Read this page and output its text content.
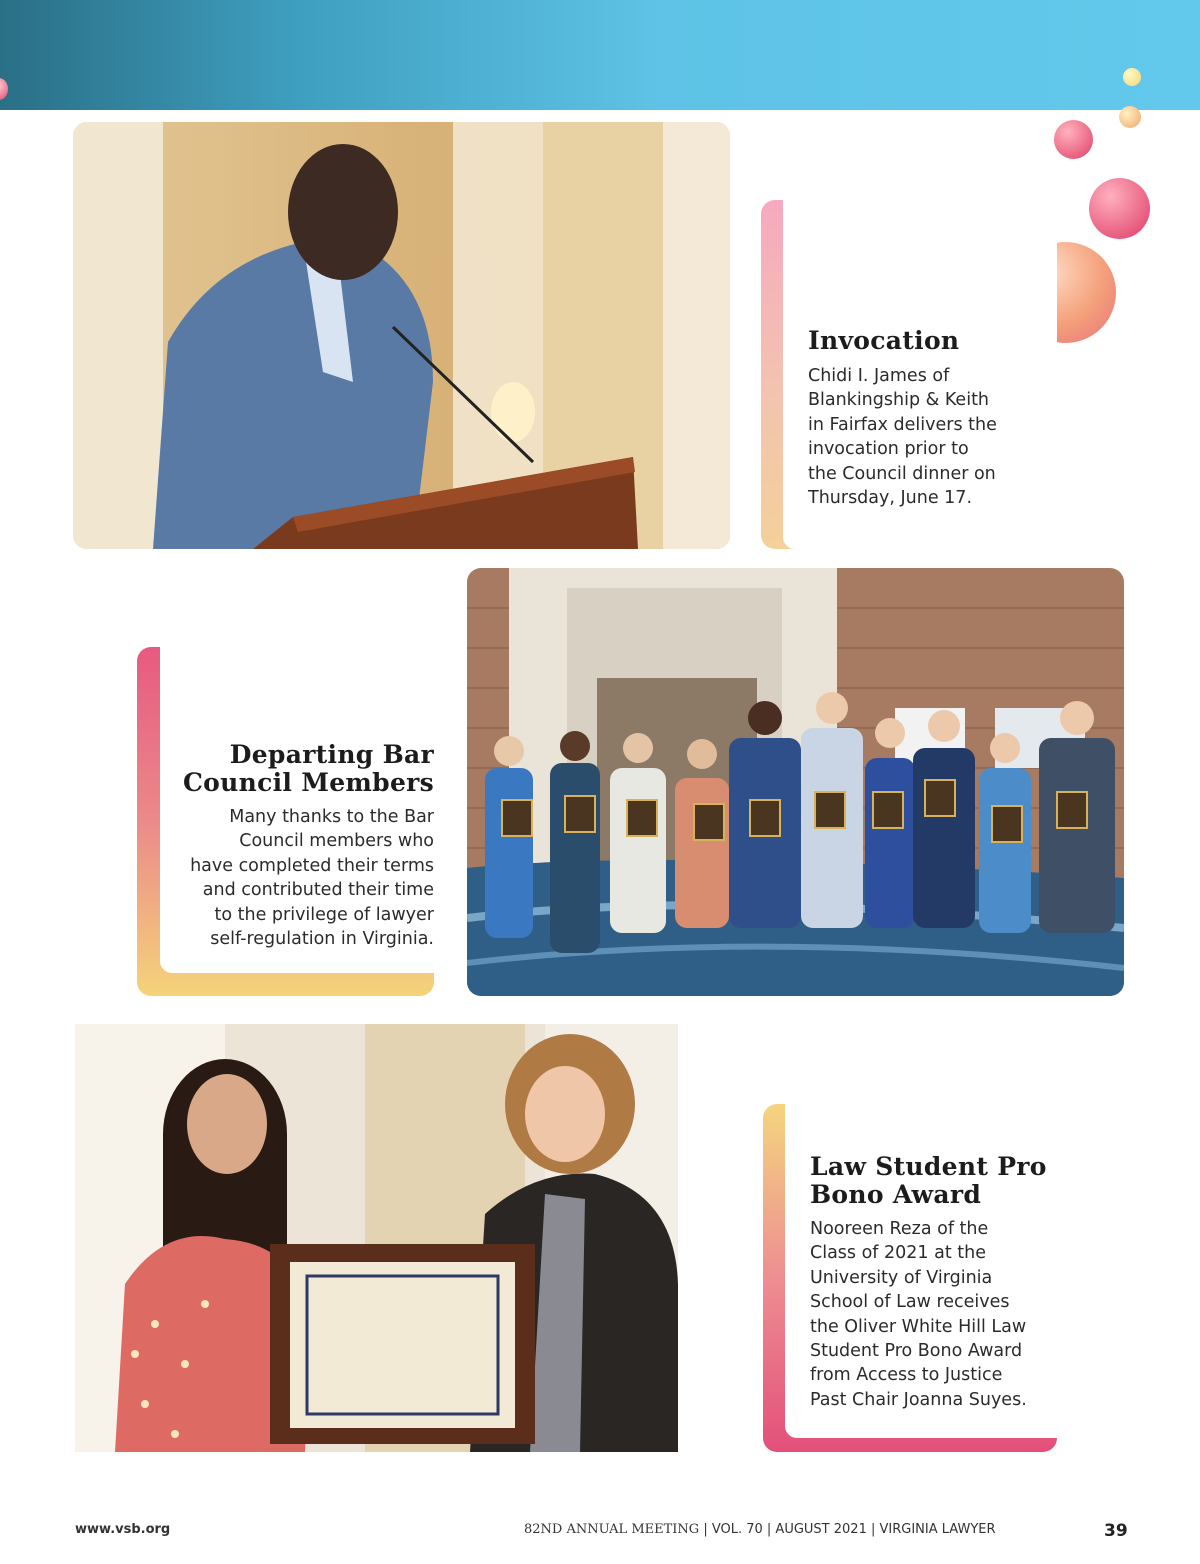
Invocation

Chidi I. James of
Blankingship & Keith
in Fairfax delivers the
invocation prior to
the Council dinner on
Thursday, June 17.

Departing Bar Council Members

Many thanks to the Bar
Council members who
have completed their terms
and contributed their time
to the privilege of lawyer
self-regulation in Virginia.

Law Student Pro Bono Award

Nooreen Reza of the
Class of 2021 at the
University of Virginia
School of Law receives
the Oliver White Hill Law
Student Pro Bono Award
from Access to Justice
Past Chair Joanna Suyes.

www.vsb.org	82ND ANNUAL MEETING | VOL. 70 | AUGUST 2021 | VIRGINIA LAWYER	39
